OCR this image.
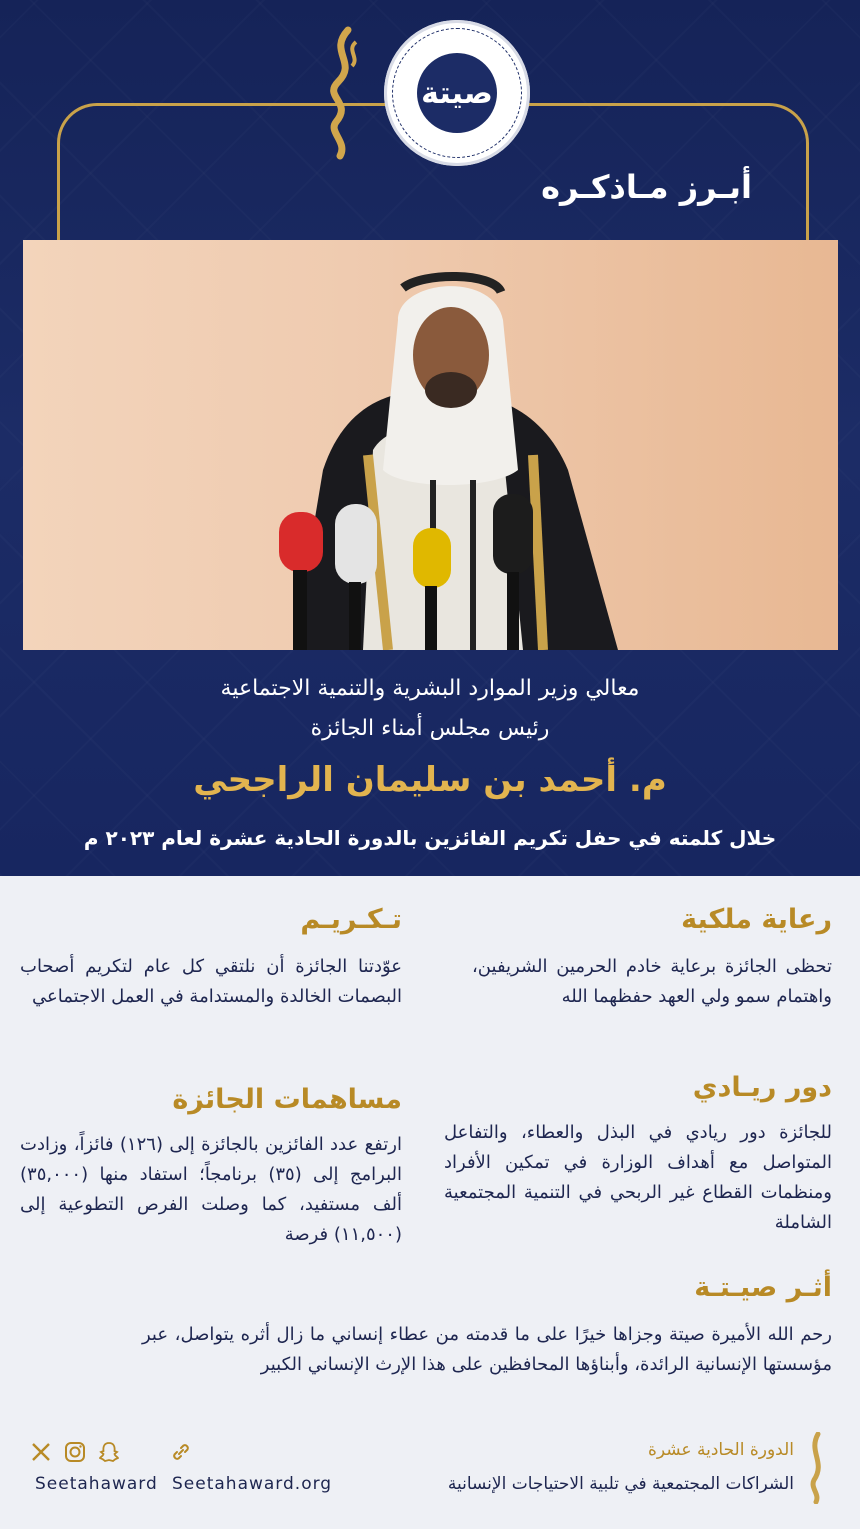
صيتة
أبـرز مـاذكـره
معالي وزير الموارد البشرية والتنمية الاجتماعية
رئيس مجلس أمناء الجائزة
م. أحمد بن سليمان الراجحي
خلال كلمته في حفل تكريم الفائزين بالدورة الحادية عشرة لعام ٢٠٢٣ م
رعاية ملكية
تحظى الجائزة برعاية خادم الحرمين الشريفين، واهتمام سمو ولي العهد حفظهما الله
تـكـريـم
عوّدتنا الجائزة أن نلتقي كل عام لتكريم أصحاب البصمات الخالدة والمستدامة في العمل الاجتماعي
دور ريـادي
للجائزة دور ريادي في البذل والعطاء، والتفاعل المتواصل مع أهداف الوزارة في تمكين الأفراد ومنظمات القطاع غير الربحي في التنمية المجتمعية الشاملة
مساهمات الجائزة
ارتفع عدد الفائزين بالجائزة إلى (١٢٦) فائزاً، وزادت البرامج إلى (٣٥) برنامجاً؛ استفاد منها (٣٥,٠٠٠) ألف مستفيد، كما وصلت الفرص التطوعية إلى (١١,٥٠٠) فرصة
أثـر صيـتـة
رحم الله الأميرة صيتة وجزاها خيرًا على ما قدمته من عطاء إنساني ما زال أثره يتواصل، عبر مؤسستها الإنسانية الرائدة، وأبناؤها المحافظين على هذا الإرث الإنساني الكبير
الدورة الحادية عشرة
الشراكات المجتمعية في تلبية الاحتياجات الإنسانية
Seetahaward Seetahaward.org
